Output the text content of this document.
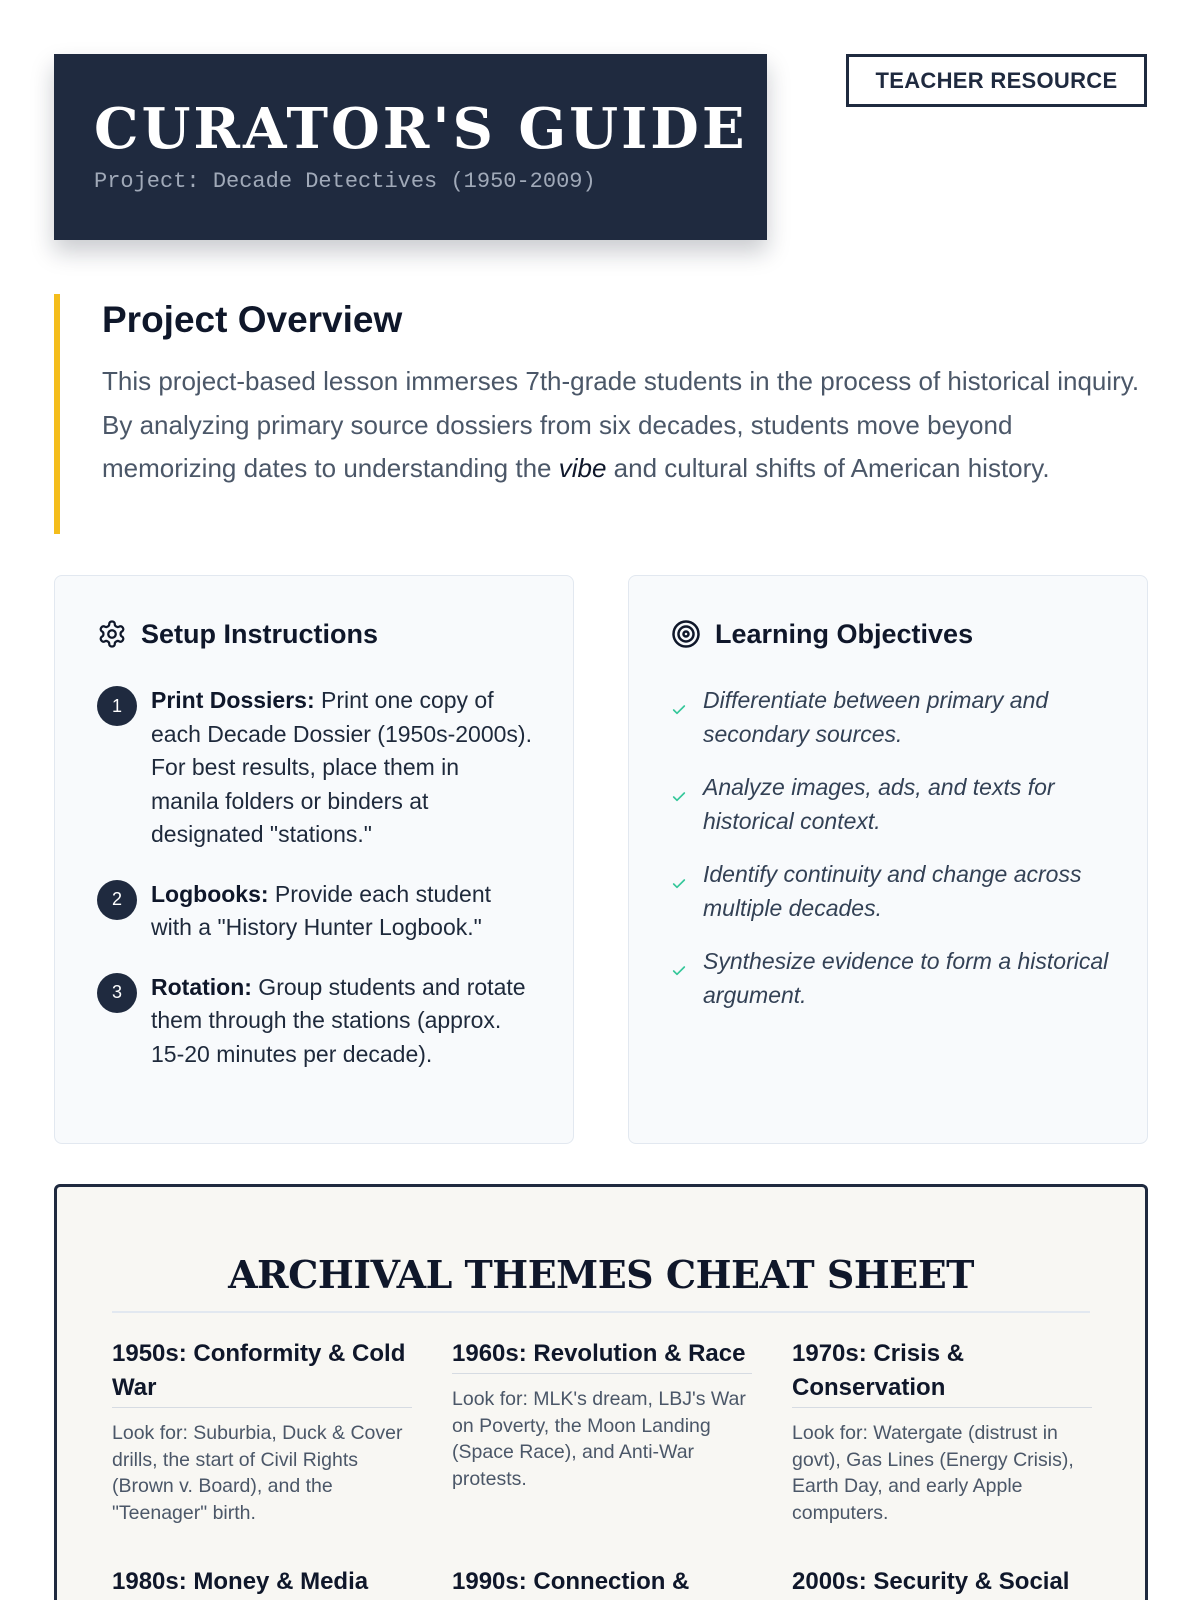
CURATOR'S GUIDE
Project: Decade Detectives (1950-2009)
TEACHER RESOURCE
Project Overview

This project-based lesson immerses 7th-grade students in the process of historical inquiry. By analyzing primary source dossiers from six decades, students move beyond memorizing dates to understanding the vibe and cultural shifts of American history.

Setup Instructions
1	Print Dossiers: Print one copy of each Decade Dossier (1950s-2000s). For best results, place them in manila folders or binders at designated "stations."
2	Logbooks: Provide each student with a "History Hunter Logbook."
3	Rotation: Group students and rotate them through the stations (approx. 15-20 minutes per decade).
Learning Objectives
Differentiate between primary and secondary sources.
Analyze images, ads, and texts for historical context.
Identify continuity and change across multiple decades.
Synthesize evidence to form a historical argument.
ARCHIVAL THEMES CHEAT SHEET
1950s: Conformity & Cold War

Look for: Suburbia, Duck & Cover drills, the start of Civil Rights (Brown v. Board), and the "Teenager" birth.

1960s: Revolution & Race

Look for: MLK's dream, LBJ's War on Poverty, the Moon Landing (Space Race), and Anti-War protests.

1970s: Crisis & Conservation

Look for: Watergate (distrust in govt), Gas Lines (Energy Crisis), Earth Day, and early Apple computers.

1980s: Money & Media	1990s: Connection &	2000s: Security & Social
